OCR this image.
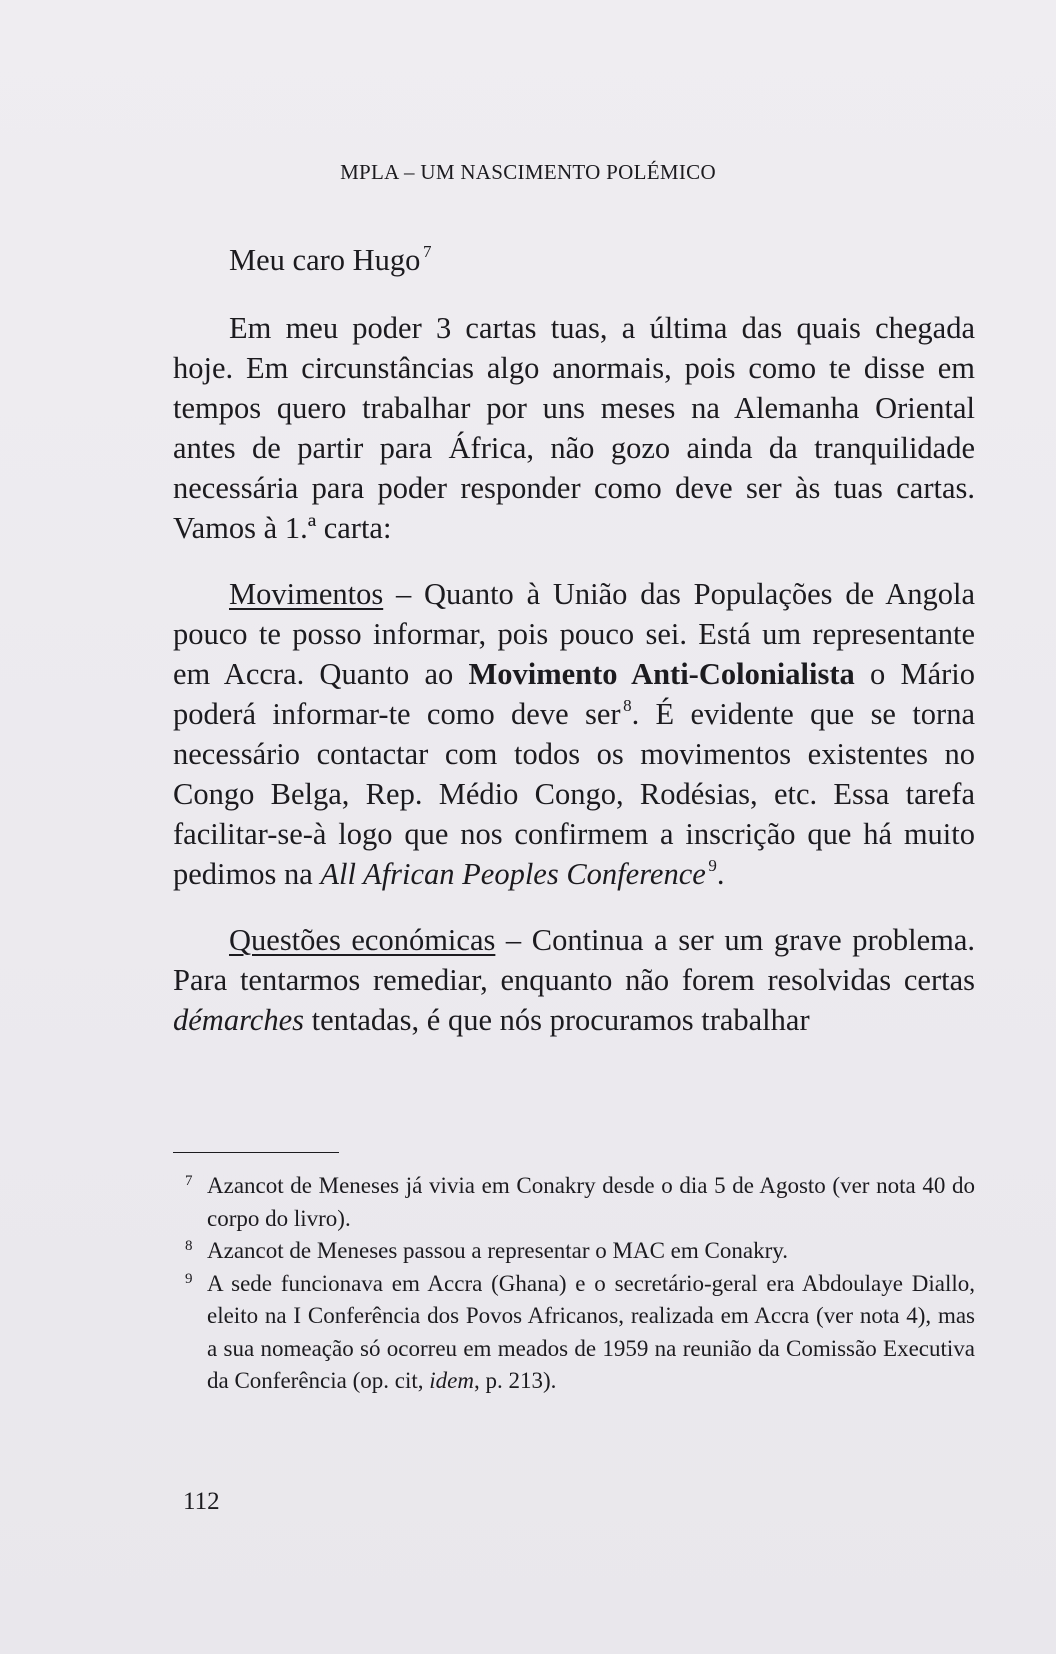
MPLA – UM NASCIMENTO POLÉMICO

Meu caro Hugo  $^7$

Em meu poder 3 cartas tuas, a última das quais chegada hoje. Em circunstâncias algo anormais, pois como te disse em tempos quero trabalhar por uns meses na Alemanha Oriental antes de partir para África, não gozo ainda da tranquilidade necessária para poder responder como deve ser às tuas cartas. Vamos à 1.ª carta:

Movimentos – Quanto à União das Populações de Angola pouco te posso informar, pois pouco sei. Está um representante em Accra. Quanto ao Movimento Anti-Colonialista o Mário poderá informar-te como deve ser  $^8$. É evidente que se torna necessário contactar com todos os movimentos existentes no Congo Belga, Rep. Médio Congo, Rodésias, etc. Essa tarefa facilitar-se-à logo que nos confirmem a inscrição que há muito pedimos na All African Peoples Conference  $^9$.

Questões económicas – Continua a ser um grave problema. Para tentarmos remediar, enquanto não forem resolvidas certas démarches tentadas, é que nós procuramos trabalhar

7 Azancot de Meneses já vivia em Conakry desde o dia 5 de Agosto (ver nota 40 do corpo do livro).
8 Azancot de Meneses passou a representar o MAC em Conakry.
9 A sede funcionava em Accra (Ghana) e o secretário-geral era Abdoulaye Diallo, eleito na I Conferência dos Povos Africanos, realizada em Accra (ver nota 4), mas a sua nomeação só ocorreu em meados de 1959 na reunião da Comissão Executiva da Conferência (op. cit, idem, p. 213).
112
